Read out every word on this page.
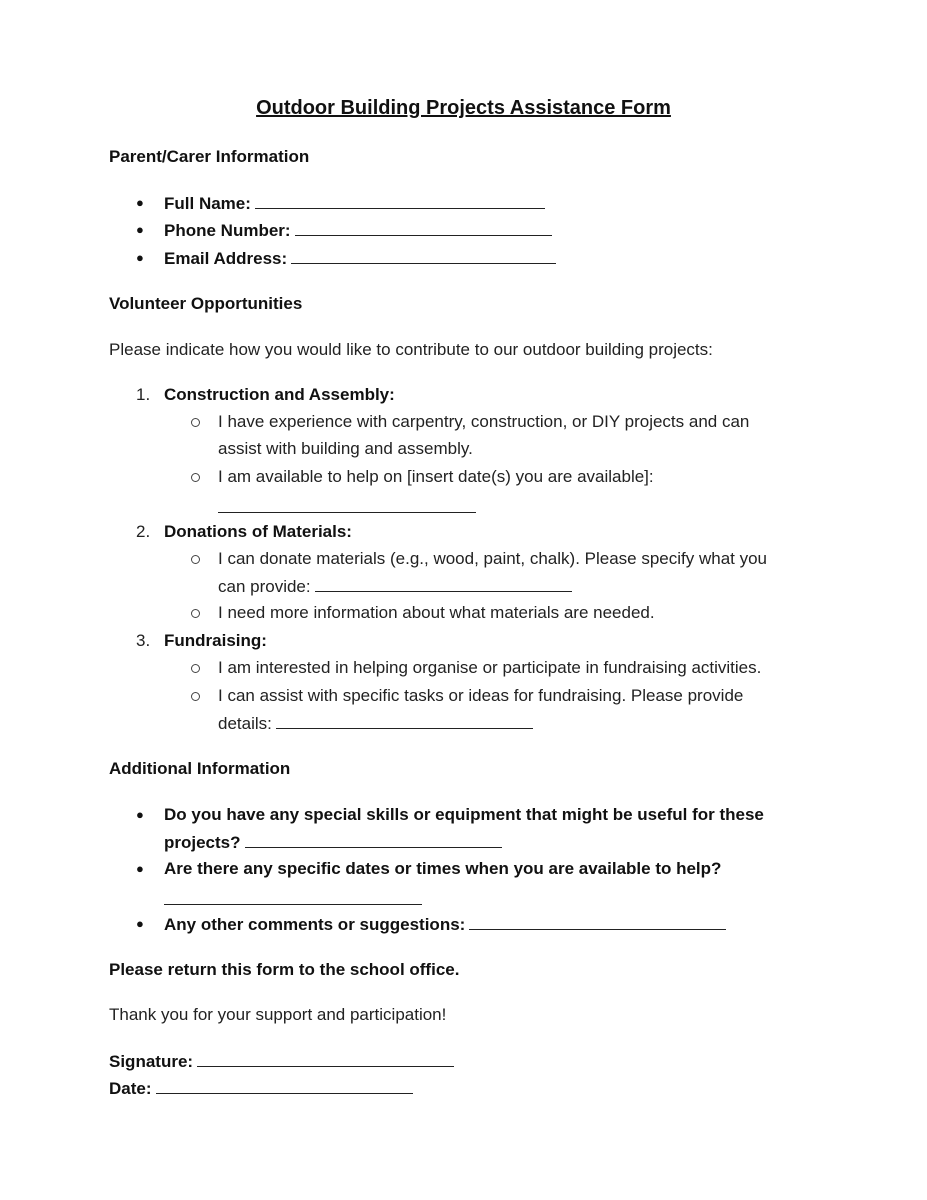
Outdoor Building Projects Assistance Form
Parent/Carer Information
● Full Name:
● Phone Number:
● Email Address:
Volunteer Opportunities
Please indicate how you would like to contribute to our outdoor building projects:
1. Construction and Assembly:
I have experience with carpentry, construction, or DIY projects and can
assist with building and assembly.
I am available to help on [insert date(s) you are available]:
2. Donations of Materials:
I can donate materials (e.g., wood, paint, chalk). Please specify what you
can provide:
I need more information about what materials are needed.
3. Fundraising:
I am interested in helping organise or participate in fundraising activities.
I can assist with specific tasks or ideas for fundraising. Please provide
details:
Additional Information
● Do you have any special skills or equipment that might be useful for these
projects?
● Are there any specific dates or times when you are available to help?
● Any other comments or suggestions:
Please return this form to the school office.
Thank you for your support and participation!
Signature:
Date:
